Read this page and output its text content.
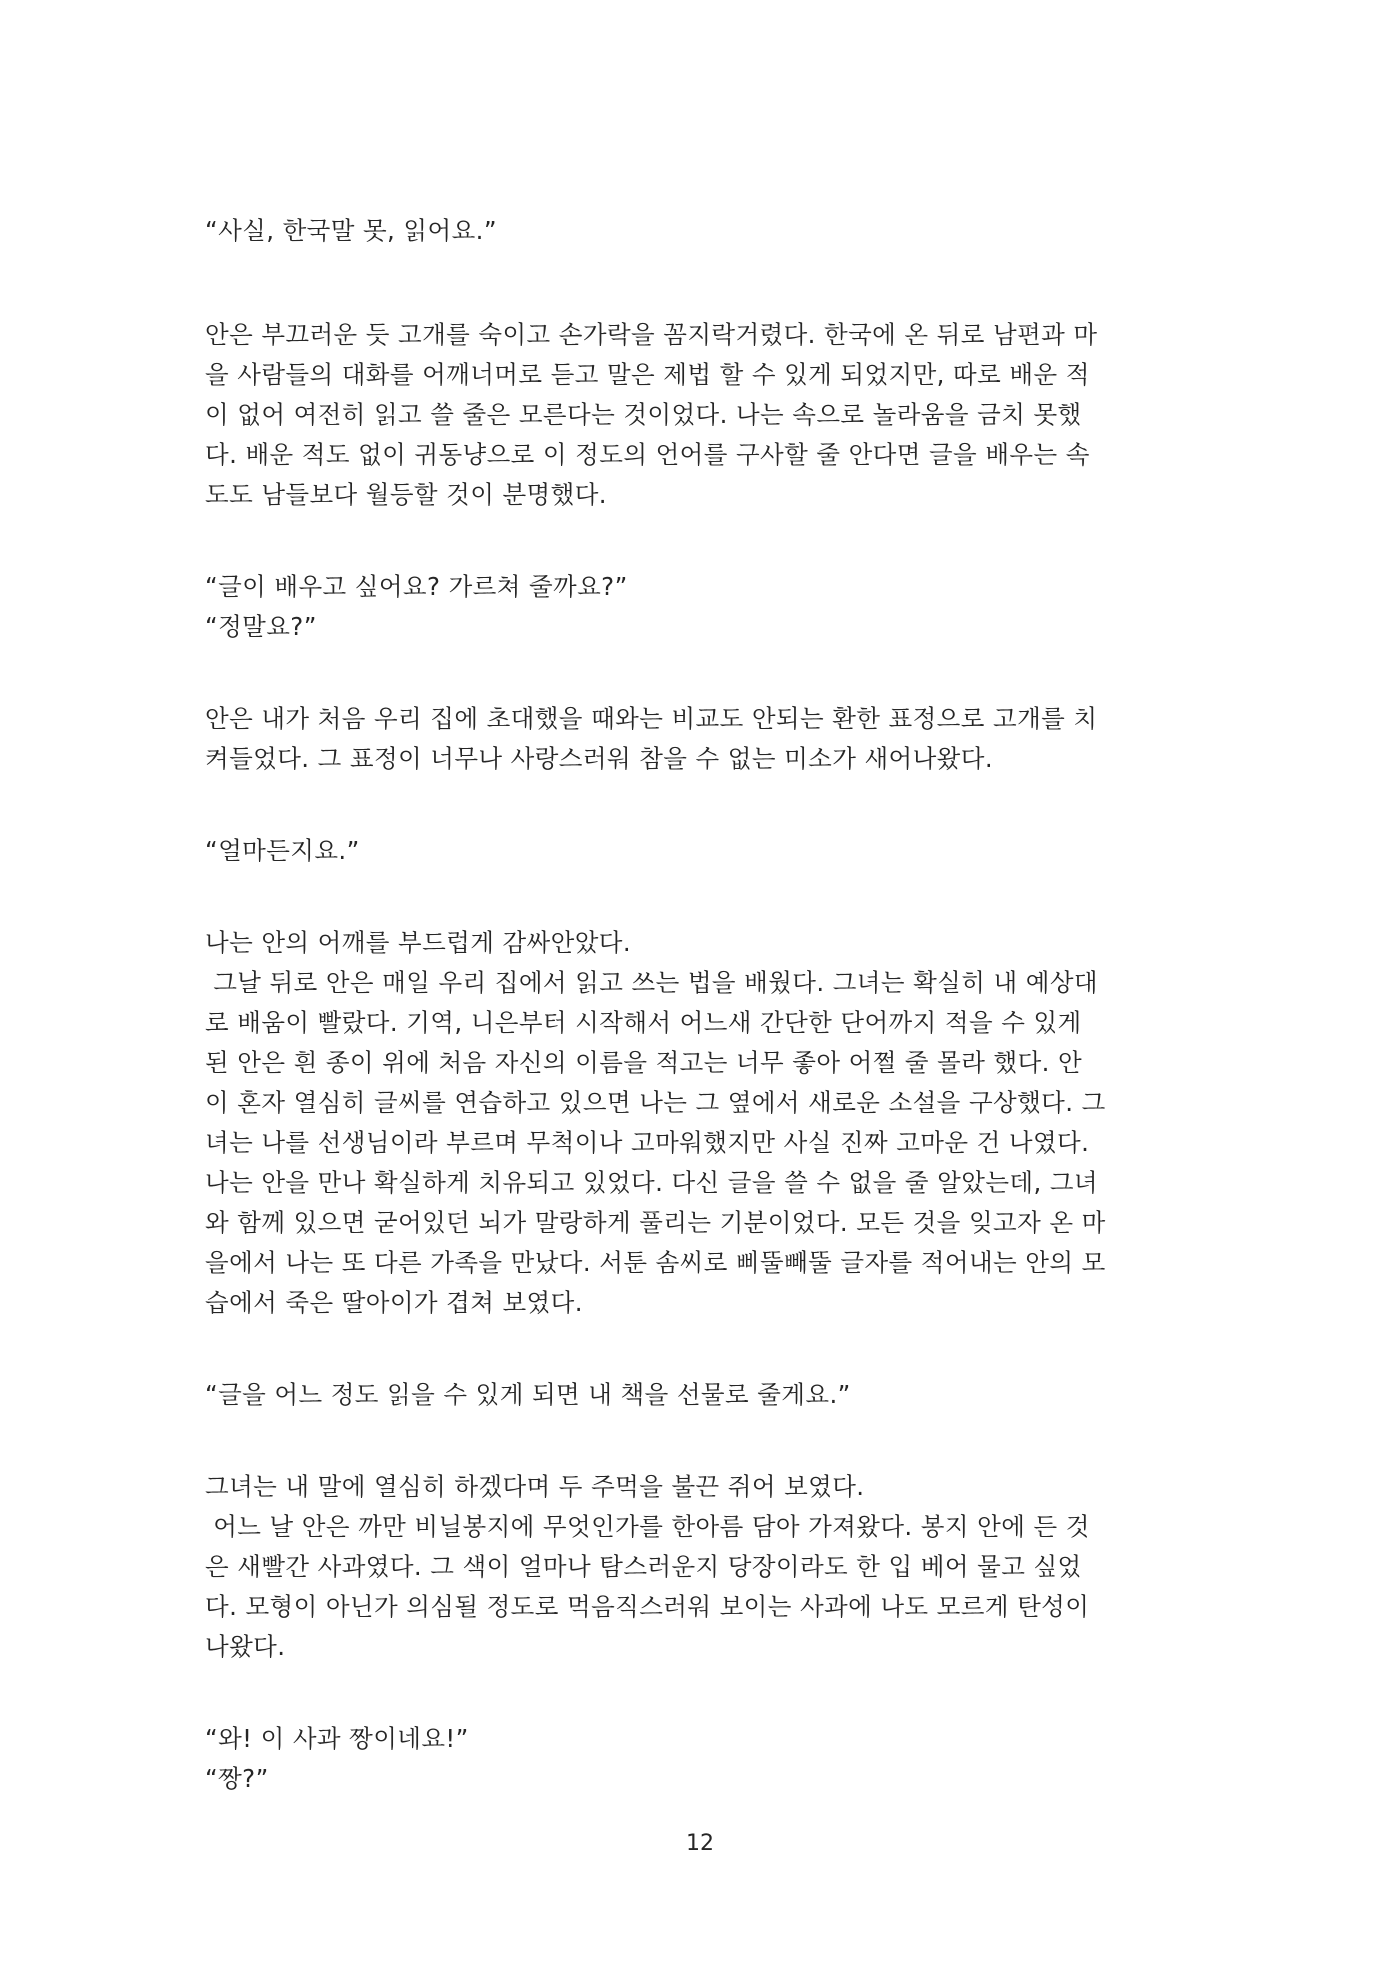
“사실, 한국말 못, 읽어요.”
안은 부끄러운 듯 고개를 숙이고 손가락을 꼼지락거렸다. 한국에 온 뒤로 남편과 마
을 사람들의 대화를 어깨너머로 듣고 말은 제법 할 수 있게 되었지만, 따로 배운 적
이 없어 여전히 읽고 쓸 줄은 모른다는 것이었다. 나는 속으로 놀라움을 금치 못했
다. 배운 적도 없이 귀동냥으로 이 정도의 언어를 구사할 줄 안다면 글을 배우는 속
도도 남들보다 월등할 것이 분명했다.
“글이 배우고 싶어요? 가르쳐 줄까요?”
“정말요?”
안은 내가 처음 우리 집에 초대했을 때와는 비교도 안되는 환한 표정으로 고개를 치
켜들었다. 그 표정이 너무나 사랑스러워 참을 수 없는 미소가 새어나왔다.
“얼마든지요.”
나는 안의 어깨를 부드럽게 감싸안았다.
그날 뒤로 안은 매일 우리 집에서 읽고 쓰는 법을 배웠다. 그녀는 확실히 내 예상대
로 배움이 빨랐다. 기역, 니은부터 시작해서 어느새 간단한 단어까지 적을 수 있게
된 안은 흰 종이 위에 처음 자신의 이름을 적고는 너무 좋아 어쩔 줄 몰라 했다. 안
이 혼자 열심히 글씨를 연습하고 있으면 나는 그 옆에서 새로운 소설을 구상했다. 그
녀는 나를 선생님이라 부르며 무척이나 고마워했지만 사실 진짜 고마운 건 나였다.
나는 안을 만나 확실하게 치유되고 있었다. 다신 글을 쓸 수 없을 줄 알았는데, 그녀
와 함께 있으면 굳어있던 뇌가 말랑하게 풀리는 기분이었다. 모든 것을 잊고자 온 마
을에서 나는 또 다른 가족을 만났다. 서툰 솜씨로 삐뚤빼뚤 글자를 적어내는 안의 모
습에서 죽은 딸아이가 겹쳐 보였다.
“글을 어느 정도 읽을 수 있게 되면 내 책을 선물로 줄게요.”
그녀는 내 말에 열심히 하겠다며 두 주먹을 불끈 쥐어 보였다.
어느 날 안은 까만 비닐봉지에 무엇인가를 한아름 담아 가져왔다. 봉지 안에 든 것
은 새빨간 사과였다. 그 색이 얼마나 탐스러운지 당장이라도 한 입 베어 물고 싶었
다. 모형이 아닌가 의심될 정도로 먹음직스러워 보이는 사과에 나도 모르게 탄성이
나왔다.
“와! 이 사과 짱이네요!”
“짱?”
12
